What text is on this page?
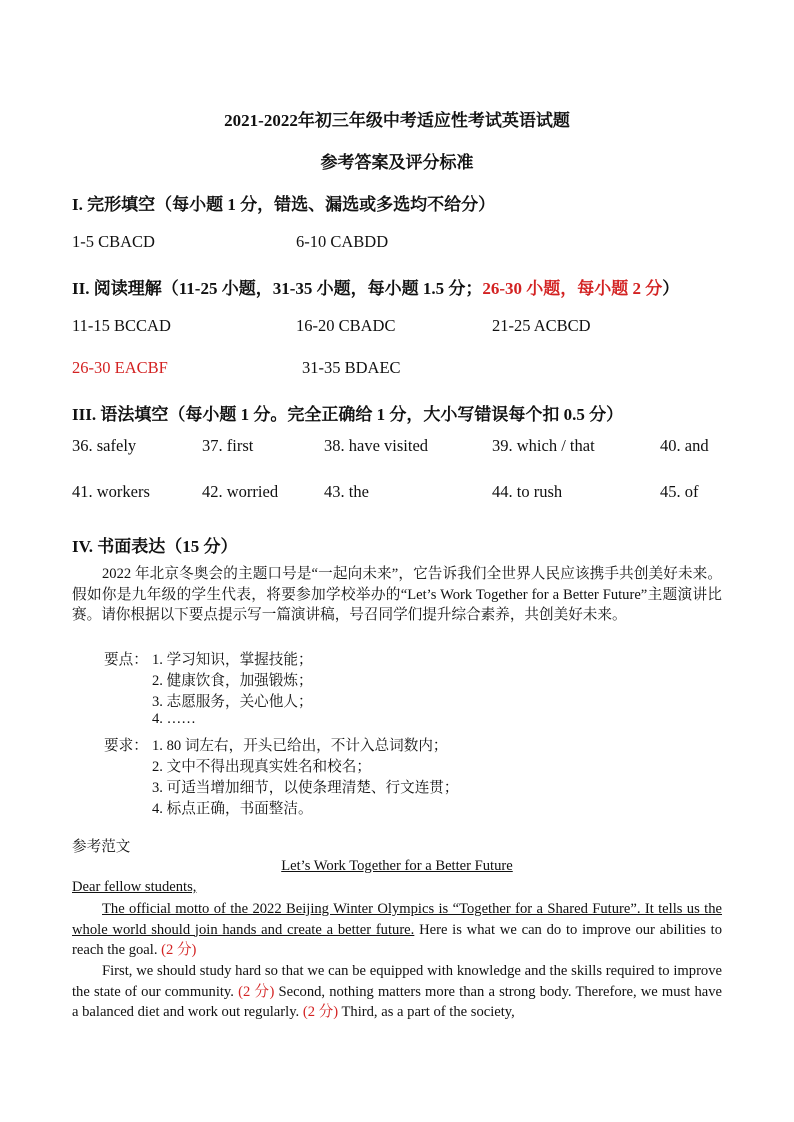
2021-2022年初三年级中考适应性考试英语试题
参考答案及评分标准
I. 完形填空（每小题 1 分，错选、漏选或多选均不给分）
1-5 CBACD	6-10 CABDD
II. 阅读理解（11-25 小题，31-35 小题，每小题 1.5 分；26-30 小题，每小题 2 分）
11-15 BCCAD	16-20 CBADC	21-25 ACBCD
26-30 EACBF	31-35 BDAEC
III. 语法填空（每小题 1 分。完全正确给 1 分，大小写错误每个扣 0.5 分）
36. safely	37. first	38. have visited	39. which / that	40. and
41. workers	42. worried	43. the	44. to rush	45. of
IV. 书面表达（15 分）
2022 年北京冬奥会的主题口号是“一起向未来”，它告诉我们全世界人民应该携手共创美好未来。假如你是九年级的学生代表，将要参加学校举办的“Let’s Work Together for a Better Future”主题演讲比赛。请你根据以下要点提示写一篇演讲稿，号召同学们提升综合素养，共创美好未来。
要点： 1. 学习知识，掌握技能；
2. 健康饮食，加强锻炼；
3. 志愿服务，关心他人；
4. ……
要求： 1. 80 词左右，开头已给出，不计入总词数内；
2. 文中不得出现真实姓名和校名；
3. 可适当增加细节，以使条理清楚、行文连贯；
4. 标点正确，书面整洁。
参考范文
Let’s Work Together for a Better Future
Dear fellow students,
The official motto of the 2022 Beijing Winter Olympics is “Together for a Shared Future”. It tells us the whole world should join hands and create a better future. Here is what we can do to improve our abilities to reach the goal. (2 分)
First, we should study hard so that we can be equipped with knowledge and the skills required to improve the state of our community. (2 分) Second, nothing matters more than a strong body. Therefore, we must have a balanced diet and work out regularly. (2 分) Third, as a part of the society,
